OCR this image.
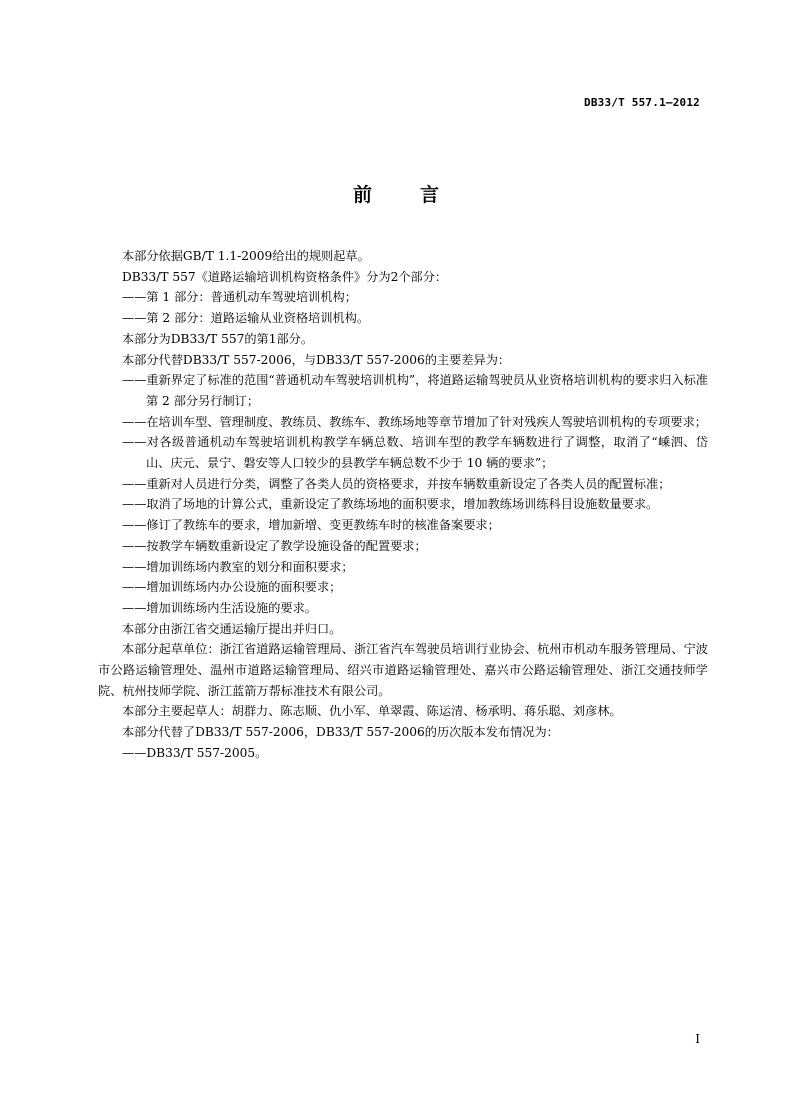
DB33/T 557.1—2012
前言

本部分依据GB/T 1.1-2009给出的规则起草。

DB33/T 557《道路运输培训机构资格条件》分为2个部分：

——第 1 部分：普通机动车驾驶培训机构；

——第 2 部分：道路运输从业资格培训机构。

本部分为DB33/T 557的第1部分。

本部分代替DB33/T 557-2006，与DB33/T 557-2006的主要差异为：

——重新界定了标准的范围“普通机动车驾驶培训机构”，将道路运输驾驶员从业资格培训机构的要求归入标准第 2 部分另行制订；

——在培训车型、管理制度、教练员、教练车、教练场地等章节增加了针对残疾人驾驶培训机构的专项要求；

——对各级普通机动车驾驶培训机构教学车辆总数、培训车型的教学车辆数进行了调整，取消了“嵊泗、岱山、庆元、景宁、磐安等人口较少的县教学车辆总数不少于 10 辆的要求”；

——重新对人员进行分类，调整了各类人员的资格要求，并按车辆数重新设定了各类人员的配置标准；

——取消了场地的计算公式，重新设定了教练场地的面积要求，增加教练场训练科目设施数量要求。

——修订了教练车的要求，增加新增、变更教练车时的核准备案要求；

——按教学车辆数重新设定了教学设施设备的配置要求；

——增加训练场内教室的划分和面积要求；

——增加训练场内办公设施的面积要求；

——增加训练场内生活设施的要求。

本部分由浙江省交通运输厅提出并归口。

本部分起草单位：浙江省道路运输管理局、浙江省汽车驾驶员培训行业协会、杭州市机动车服务管理局、宁波市公路运输管理处、温州市道路运输管理局、绍兴市道路运输管理处、嘉兴市公路运输管理处、浙江交通技师学院、杭州技师学院、浙江蓝箭万帮标准技术有限公司。

本部分主要起草人：胡群力、陈志顺、仇小军、单翠霞、陈运清、杨承明、蒋乐聪、刘彦林。

本部分代替了DB33/T 557-2006，DB33/T 557-2006的历次版本发布情况为：

——DB33/T 557-2005。

I
